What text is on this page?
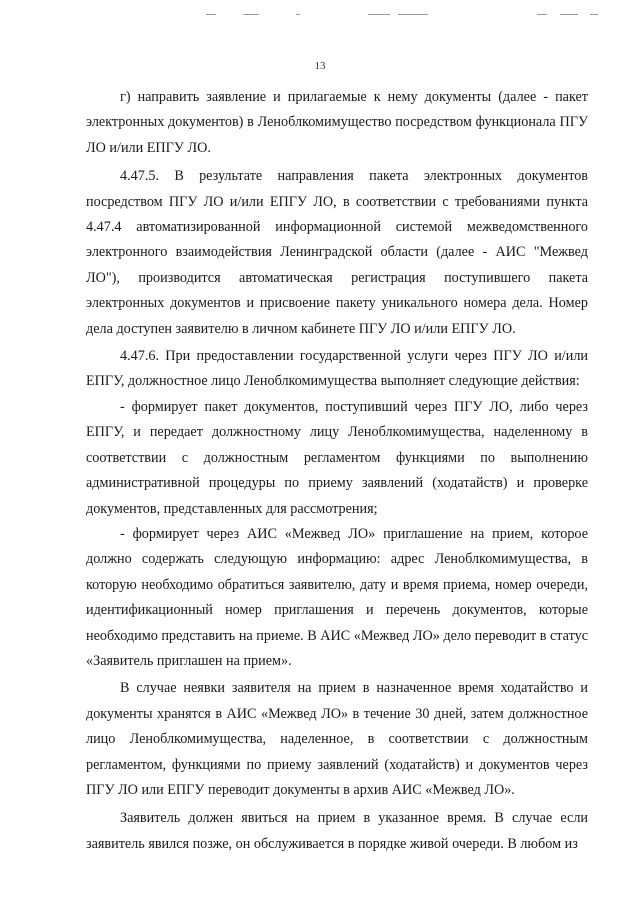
13

г) направить заявление и прилагаемые к нему документы (далее - пакет электронных документов) в Леноблкомимущество посредством функционала ПГУ ЛО и/или ЕПГУ ЛО.

4.47.5. В результате направления пакета электронных документов посредством ПГУ ЛО и/или ЕПГУ ЛО, в соответствии с требованиями пункта 4.47.4 автоматизированной информационной системой межведомственного электронного взаимодействия Ленинградской области (далее - АИС "Межвед ЛО"), производится автоматическая регистрация поступившего пакета электронных документов и присвоение пакету уникального номера дела. Номер дела доступен заявителю в личном кабинете ПГУ ЛО и/или ЕПГУ ЛО.

4.47.6. При предоставлении государственной услуги через ПГУ ЛО и/или ЕПГУ, должностное лицо Леноблкомимущества выполняет следующие действия:

- формирует пакет документов, поступивший через ПГУ ЛО, либо через ЕПГУ, и передает должностному лицу Леноблкомимущества, наделенному в соответствии с должностным регламентом функциями по выполнению административной процедуры по приему заявлений (ходатайств) и проверке документов, представленных для рассмотрения;

- формирует через АИС «Межвед ЛО» приглашение на прием, которое должно содержать следующую информацию: адрес Леноблкомимущества, в которую необходимо обратиться заявителю, дату и время приема, номер очереди, идентификационный номер приглашения и перечень документов, которые необходимо представить на приеме. В АИС «Межвед ЛО» дело переводит в статус «Заявитель приглашен на прием».

В случае неявки заявителя на прием в назначенное время ходатайство и документы хранятся в АИС «Межвед ЛО» в течение 30 дней, затем должностное лицо Леноблкомимущества, наделенное, в соответствии с должностным регламентом, функциями по приему заявлений (ходатайств) и документов через ПГУ ЛО или ЕПГУ переводит документы в архив АИС «Межвед ЛО».

Заявитель должен явиться на прием в указанное время. В случае если заявитель явился позже, он обслуживается в порядке живой очереди. В любом из
